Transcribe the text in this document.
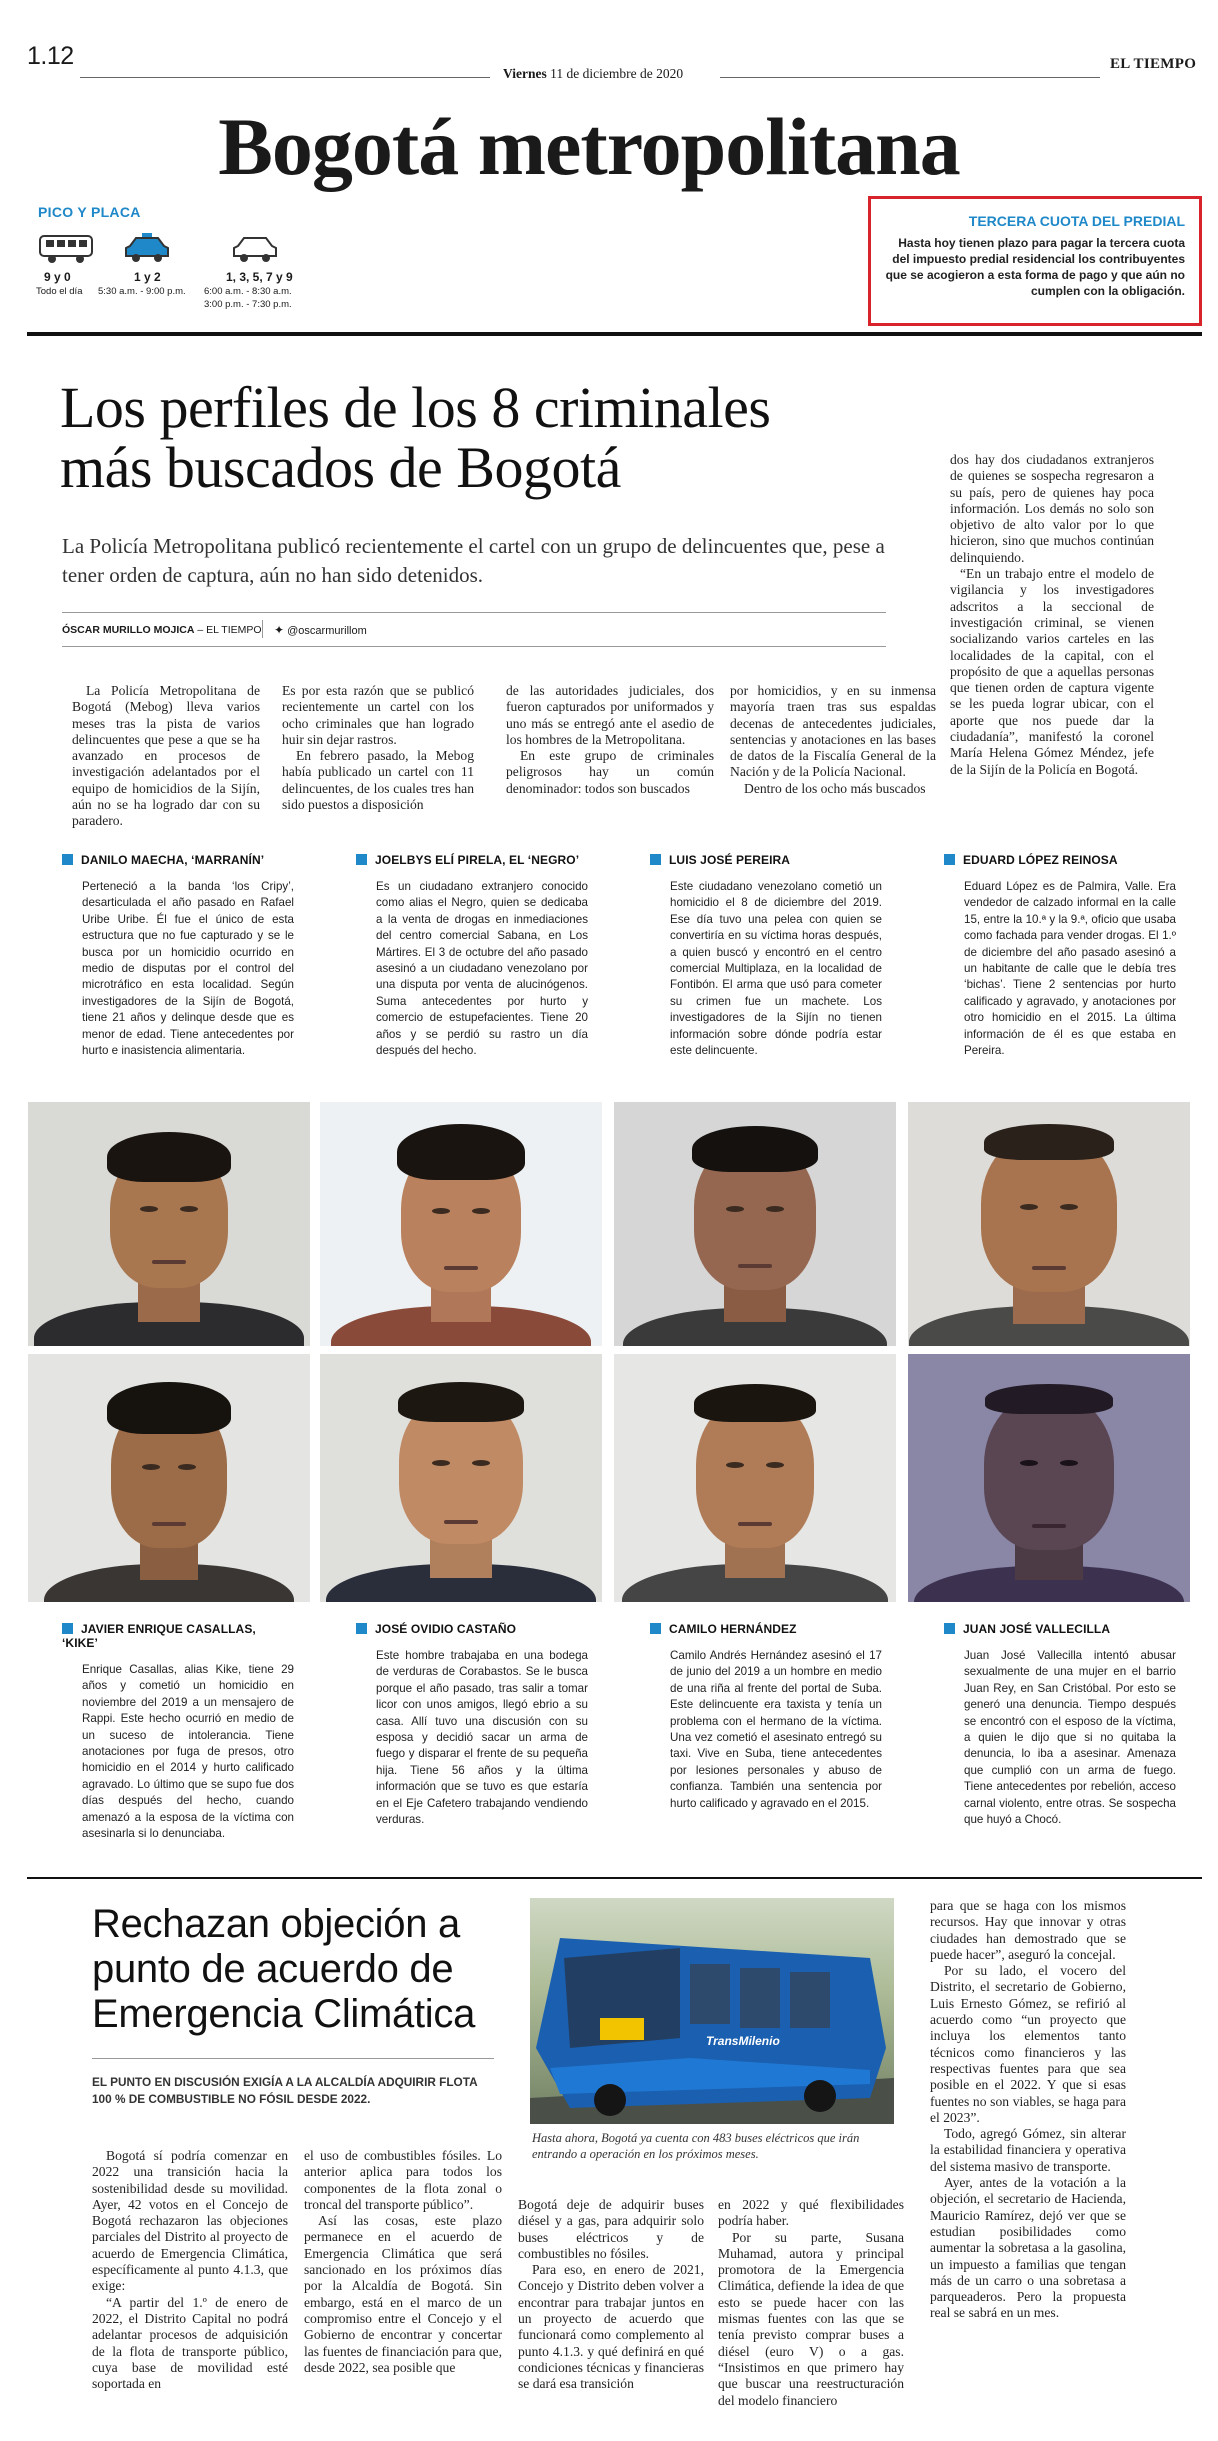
1.12
Viernes 11 de diciembre de 2020
EL TIEMPO
Bogotá metropolitana
PICO Y PLACA
9 y 0
Todo el día
1 y 2
5:30 a.m. - 9:00 p.m.
1, 3, 5, 7 y 9
6:00 a.m. - 8:30 a.m.
3:00 p.m. - 7:30 p.m.
TERCERA CUOTA DEL PREDIAL
Hasta hoy tienen plazo para pagar la tercera cuota del impuesto predial residencial los contribuyentes que se acogieron a esta forma de pago y que aún no cumplen con la obligación.
Los perfiles de los 8 criminales
más buscados de Bogotá
La Policía Metropolitana publicó recientemente el cartel con un grupo de delincuentes que, pese a tener orden de captura, aún no han sido detenidos.
ÓSCAR MURILLO MOJICA – EL TIEMPO ✦ @oscarmurillom

La Policía Metropolitana de Bogotá (Mebog) lleva varios meses tras la pista de varios delincuentes que pese a que se ha avanzado en procesos de investigación adelantados por el equipo de homicidios de la Sijín, aún no se ha logrado dar con su paradero.

Es por esta razón que se publicó recientemente un cartel con los ocho criminales que han logrado huir sin dejar rastros.

En febrero pasado, la Mebog había publicado un cartel con 11 delincuentes, de los cuales tres han sido puestos a disposición

de las autoridades judiciales, dos fueron capturados por uniformados y uno más se entregó ante el asedio de los hombres de la Metropolitana.

En este grupo de criminales peligrosos hay un común denominador: todos son buscados

por homicidios, y en su inmensa mayoría traen tras sus espaldas decenas de antecedentes judiciales, sentencias y anotaciones en las bases de datos de la Fiscalía General de la Nación y de la Policía Nacional.

Dentro de los ocho más buscados

dos hay dos ciudadanos extranjeros de quienes se sospecha regresaron a su país, pero de quienes hay poca información. Los demás no solo son objetivo de alto valor por lo que hicieron, sino que muchos continúan delinquiendo.

“En un trabajo entre el modelo de vigilancia y los investigadores adscritos a la seccional de investigación criminal, se vienen socializando varios carteles en las localidades de la capital, con el propósito de que a aquellas personas que tienen orden de captura vigente se les pueda lograr ubicar, con el aporte que nos puede dar la ciudadanía”, manifestó la coronel María Helena Gómez Méndez, jefe de la Sijín de la Policía en Bogotá.

DANILO MAECHA, ‘MARRANÍN’
Perteneció a la banda ‘los Cripy’, desarticulada el año pasado en Rafael Uribe Uribe. Él fue el único de esta estructura que no fue capturado y se le busca por un homicidio ocurrido en medio de disputas por el control del microtráfico en esta localidad. Según investigadores de la Sijín de Bogotá, tiene 21 años y delinque desde que es menor de edad. Tiene antecedentes por hurto e inasistencia alimentaria.
JOELBYS ELÍ PIRELA, EL ‘NEGRO’
Es un ciudadano extranjero conocido como alias el Negro, quien se dedicaba a la venta de drogas en inmediaciones del centro comercial Sabana, en Los Mártires. El 3 de octubre del año pasado asesinó a un ciudadano venezolano por una disputa por venta de alucinógenos. Suma antecedentes por hurto y comercio de estupefacientes. Tiene 20 años y se perdió su rastro un día después del hecho.
LUIS JOSÉ PEREIRA
Este ciudadano venezolano cometió un homicidio el 8 de diciembre del 2019. Ese día tuvo una pelea con quien se convertiría en su víctima horas después, a quien buscó y encontró en el centro comercial Multiplaza, en la localidad de Fontibón. El arma que usó para cometer su crimen fue un machete. Los investigadores de la Sijín no tienen información sobre dónde podría estar este delincuente.
EDUARD LÓPEZ REINOSA
Eduard López es de Palmira, Valle. Era vendedor de calzado informal en la calle 15, entre la 10.ª y la 9.ª, oficio que usaba como fachada para vender drogas. El 1.º de diciembre del año pasado asesinó a un habitante de calle que le debía tres ‘bichas’. Tiene 2 sentencias por hurto calificado y agravado, y anotaciones por otro homicidio en el 2015. La última información de él es que estaba en Pereira.
JAVIER ENRIQUE CASALLAS, ‘KIKE’
Enrique Casallas, alias Kike, tiene 29 años y cometió un homicidio en noviembre del 2019 a un mensajero de Rappi. Este hecho ocurrió en medio de un suceso de intolerancia. Tiene anotaciones por fuga de presos, otro homicidio en el 2014 y hurto calificado agravado. Lo último que se supo fue dos días después del hecho, cuando amenazó a la esposa de la víctima con asesinarla si lo denunciaba.
JOSÉ OVIDIO CASTAÑO
Este hombre trabajaba en una bodega de verduras de Corabastos. Se le busca porque el año pasado, tras salir a tomar licor con unos amigos, llegó ebrio a su casa. Allí tuvo una discusión con su esposa y decidió sacar un arma de fuego y disparar el frente de su pequeña hija. Tiene 56 años y la última información que se tuvo es que estaría en el Eje Cafetero trabajando vendiendo verduras.
CAMILO HERNÁNDEZ
Camilo Andrés Hernández asesinó el 17 de junio del 2019 a un hombre en medio de una riña al frente del portal de Suba. Este delincuente era taxista y tenía un problema con el hermano de la víctima. Una vez cometió el asesinato entregó su taxi. Vive en Suba, tiene antecedentes por lesiones personales y abuso de confianza. También una sentencia por hurto calificado y agravado en el 2015.
JUAN JOSÉ VALLECILLA
Juan José Vallecilla intentó abusar sexualmente de una mujer en el barrio Juan Rey, en San Cristóbal. Por esto se generó una denuncia. Tiempo después se encontró con el esposo de la víctima, a quien le dijo que si no quitaba la denuncia, lo iba a asesinar. Amenaza que cumplió con un arma de fuego. Tiene antecedentes por rebelión, acceso carnal violento, entre otras. Se sospecha que huyó a Chocó.
Rechazan objeción a
punto de acuerdo de
Emergencia Climática
EL PUNTO EN DISCUSIÓN EXIGÍA A LA ALCALDÍA ADQUIRIR FLOTA 100 % DE COMBUSTIBLE NO FÓSIL DESDE 2022.
TransMilenio
Hasta ahora, Bogotá ya cuenta con 483 buses eléctricos que irán entrando a operación en los próximos meses.

Bogotá sí podría comenzar en 2022 una transición hacia la sostenibilidad desde su movilidad. Ayer, 42 votos en el Concejo de Bogotá rechazaron las objeciones parciales del Distrito al proyecto de acuerdo de Emergencia Climática, específicamente al punto 4.1.3, que exige:

“A partir del 1.º de enero de 2022, el Distrito Capital no podrá adelantar procesos de adquisición de la flota de transporte público, cuya base de movilidad esté soportada en

el uso de combustibles fósiles. Lo anterior aplica para todos los componentes de la flota zonal o troncal del transporte público”.

Así las cosas, este plazo permanece en el acuerdo de Emergencia Climática que será sancionado en los próximos días por la Alcaldía de Bogotá. Sin embargo, está en el marco de un compromiso entre el Concejo y el Gobierno de encontrar y concertar las fuentes de financiación para que, desde 2022, sea posible que

Bogotá deje de adquirir buses diésel y a gas, para adquirir solo buses eléctricos y de combustibles no fósiles.

Para eso, en enero de 2021, Concejo y Distrito deben volver a encontrar para trabajar juntos en un proyecto de acuerdo que funcionará como complemento al punto 4.1.3. y qué definirá en qué condiciones técnicas y financieras se dará esa transición

en 2022 y qué flexibilidades podría haber.

Por su parte, Susana Muhamad, autora y principal promotora de la Emergencia Climática, defiende la idea de que esto se puede hacer con las mismas fuentes con las que se tenía previsto comprar buses a diésel (euro V) o a gas. “Insistimos en que primero hay que buscar una reestructuración del modelo financiero

para que se haga con los mismos recursos. Hay que innovar y otras ciudades han demostrado que se puede hacer”, aseguró la concejal.

Por su lado, el vocero del Distrito, el secretario de Gobierno, Luis Ernesto Gómez, se refirió al acuerdo como “un proyecto que incluya los elementos tanto técnicos como financieros y las respectivas fuentes para que sea posible en el 2022. Y que si esas fuentes no son viables, se haga para el 2023”.

Todo, agregó Gómez, sin alterar la estabilidad financiera y operativa del sistema masivo de transporte.

Ayer, antes de la votación a la objeción, el secretario de Hacienda, Mauricio Ramírez, dejó ver que se estudian posibilidades como aumentar la sobretasa a la gasolina, un impuesto a familias que tengan más de un carro o una sobretasa a parqueaderos. Pero la propuesta real se sabrá en un mes.
